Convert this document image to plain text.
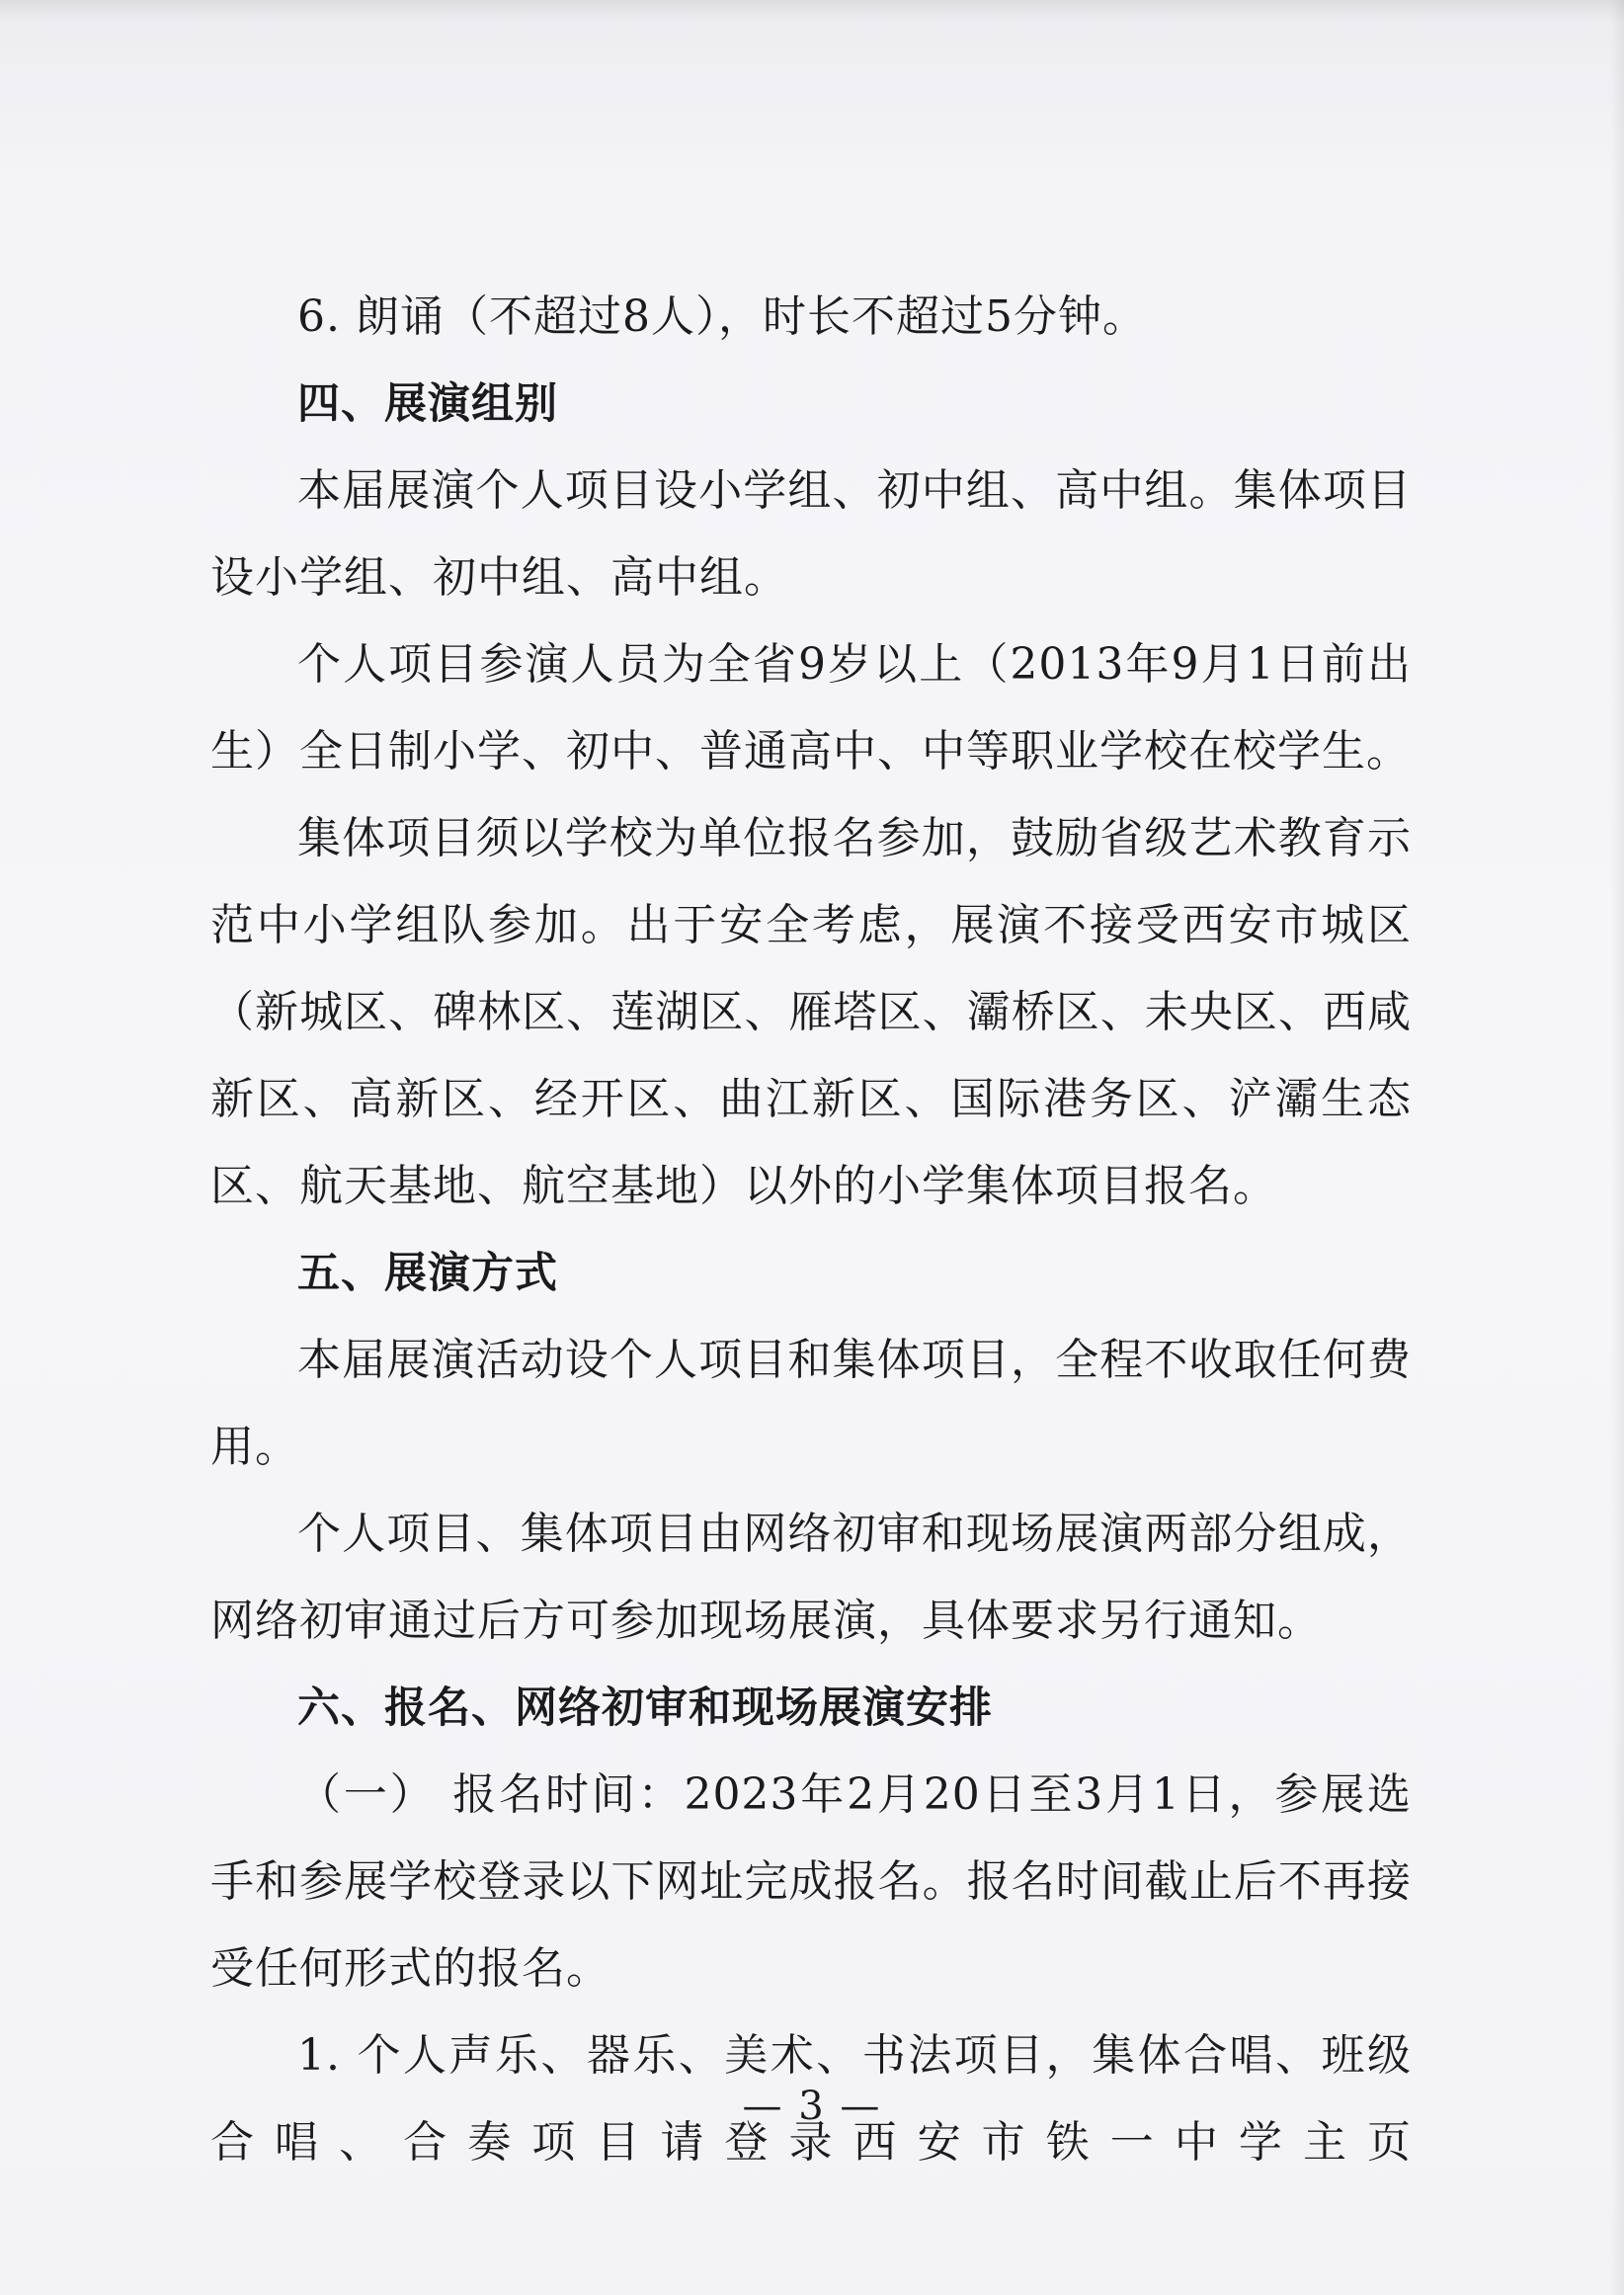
6. 朗诵（不超过8人），时长不超过5分钟。

四、展演组别

本届展演个人项目设小学组、初中组、高中组。集体项目设小学组、初中组、高中组。

个人项目参演人员为全省9岁以上（2013年9月1日前出生）全日制小学、初中、普通高中、中等职业学校在校学生。

集体项目须以学校为单位报名参加，鼓励省级艺术教育示范中小学组队参加。出于安全考虑，展演不接受西安市城区（新城区、碑林区、莲湖区、雁塔区、灞桥区、未央区、西咸新区、高新区、经开区、曲江新区、国际港务区、浐灞生态区、航天基地、航空基地）以外的小学集体项目报名。

五、展演方式

本届展演活动设个人项目和集体项目，全程不收取任何费用。

个人项目、集体项目由网络初审和现场展演两部分组成，网络初审通过后方可参加现场展演，具体要求另行通知。

六、报名、网络初审和现场展演安排

（一） 报名时间：2023年2月20日至3月1日，参展选手和参展学校登录以下网址完成报名。报名时间截止后不再接受任何形式的报名。

1. 个人声乐、器乐、美术、书法项目，集体合唱、班级合唱、合奏项目请登录西安市铁一中学主页

— 3 —
